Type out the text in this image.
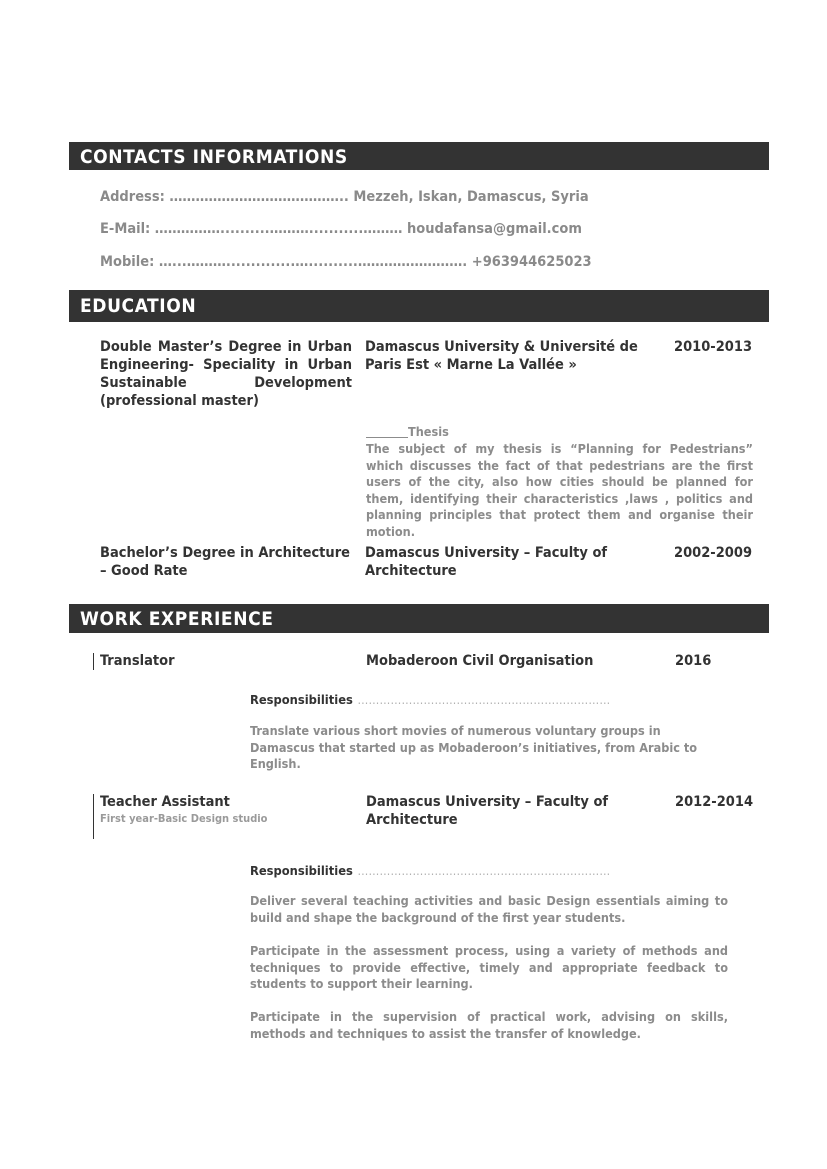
CONTACTS INFORMATIONS
Address: ………………………………….. Mezzeh, Iskan, Damascus, Syria
E-Mail: ……………..........………...........……… houdafansa@gmail.com
Mobile: …...………..............…..........……………………. +963944625023
EDUCATION
Double Master’s Degree in Urban Engineering- Speciality in Urban Sustainable Development (professional master)
Damascus University & Université de Paris Est « Marne La Vallée »
2010-2013
Thesis
The subject of my thesis is “Planning for Pedestrians” which discusses the fact of that pedestrians are the first users of the city, also how cities should be planned for them, identifying their characteristics ,laws , politics and planning principles that protect them and organise their motion.
Bachelor’s Degree in Architecture – Good Rate
Damascus University – Faculty of Architecture
2002-2009
WORK EXPERIENCE
Translator	Mobaderoon Civil Organisation	2016
Responsibilities ……………………………………………………………
Translate various short movies of numerous voluntary groups in Damascus that started up as Mobaderoon’s initiatives, from Arabic to English.
Teacher Assistant
First year-Basic Design studio
Damascus University – Faculty of Architecture
2012-2014
Responsibilities ……………………………………………………………
Deliver several teaching activities and basic Design essentials aiming to build and shape the background of the first year students.
Participate in the assessment process, using a variety of methods and techniques to provide effective, timely and appropriate feedback to students to support their learning.
Participate in the supervision of practical work, advising on skills, methods and techniques to assist the transfer of knowledge.
